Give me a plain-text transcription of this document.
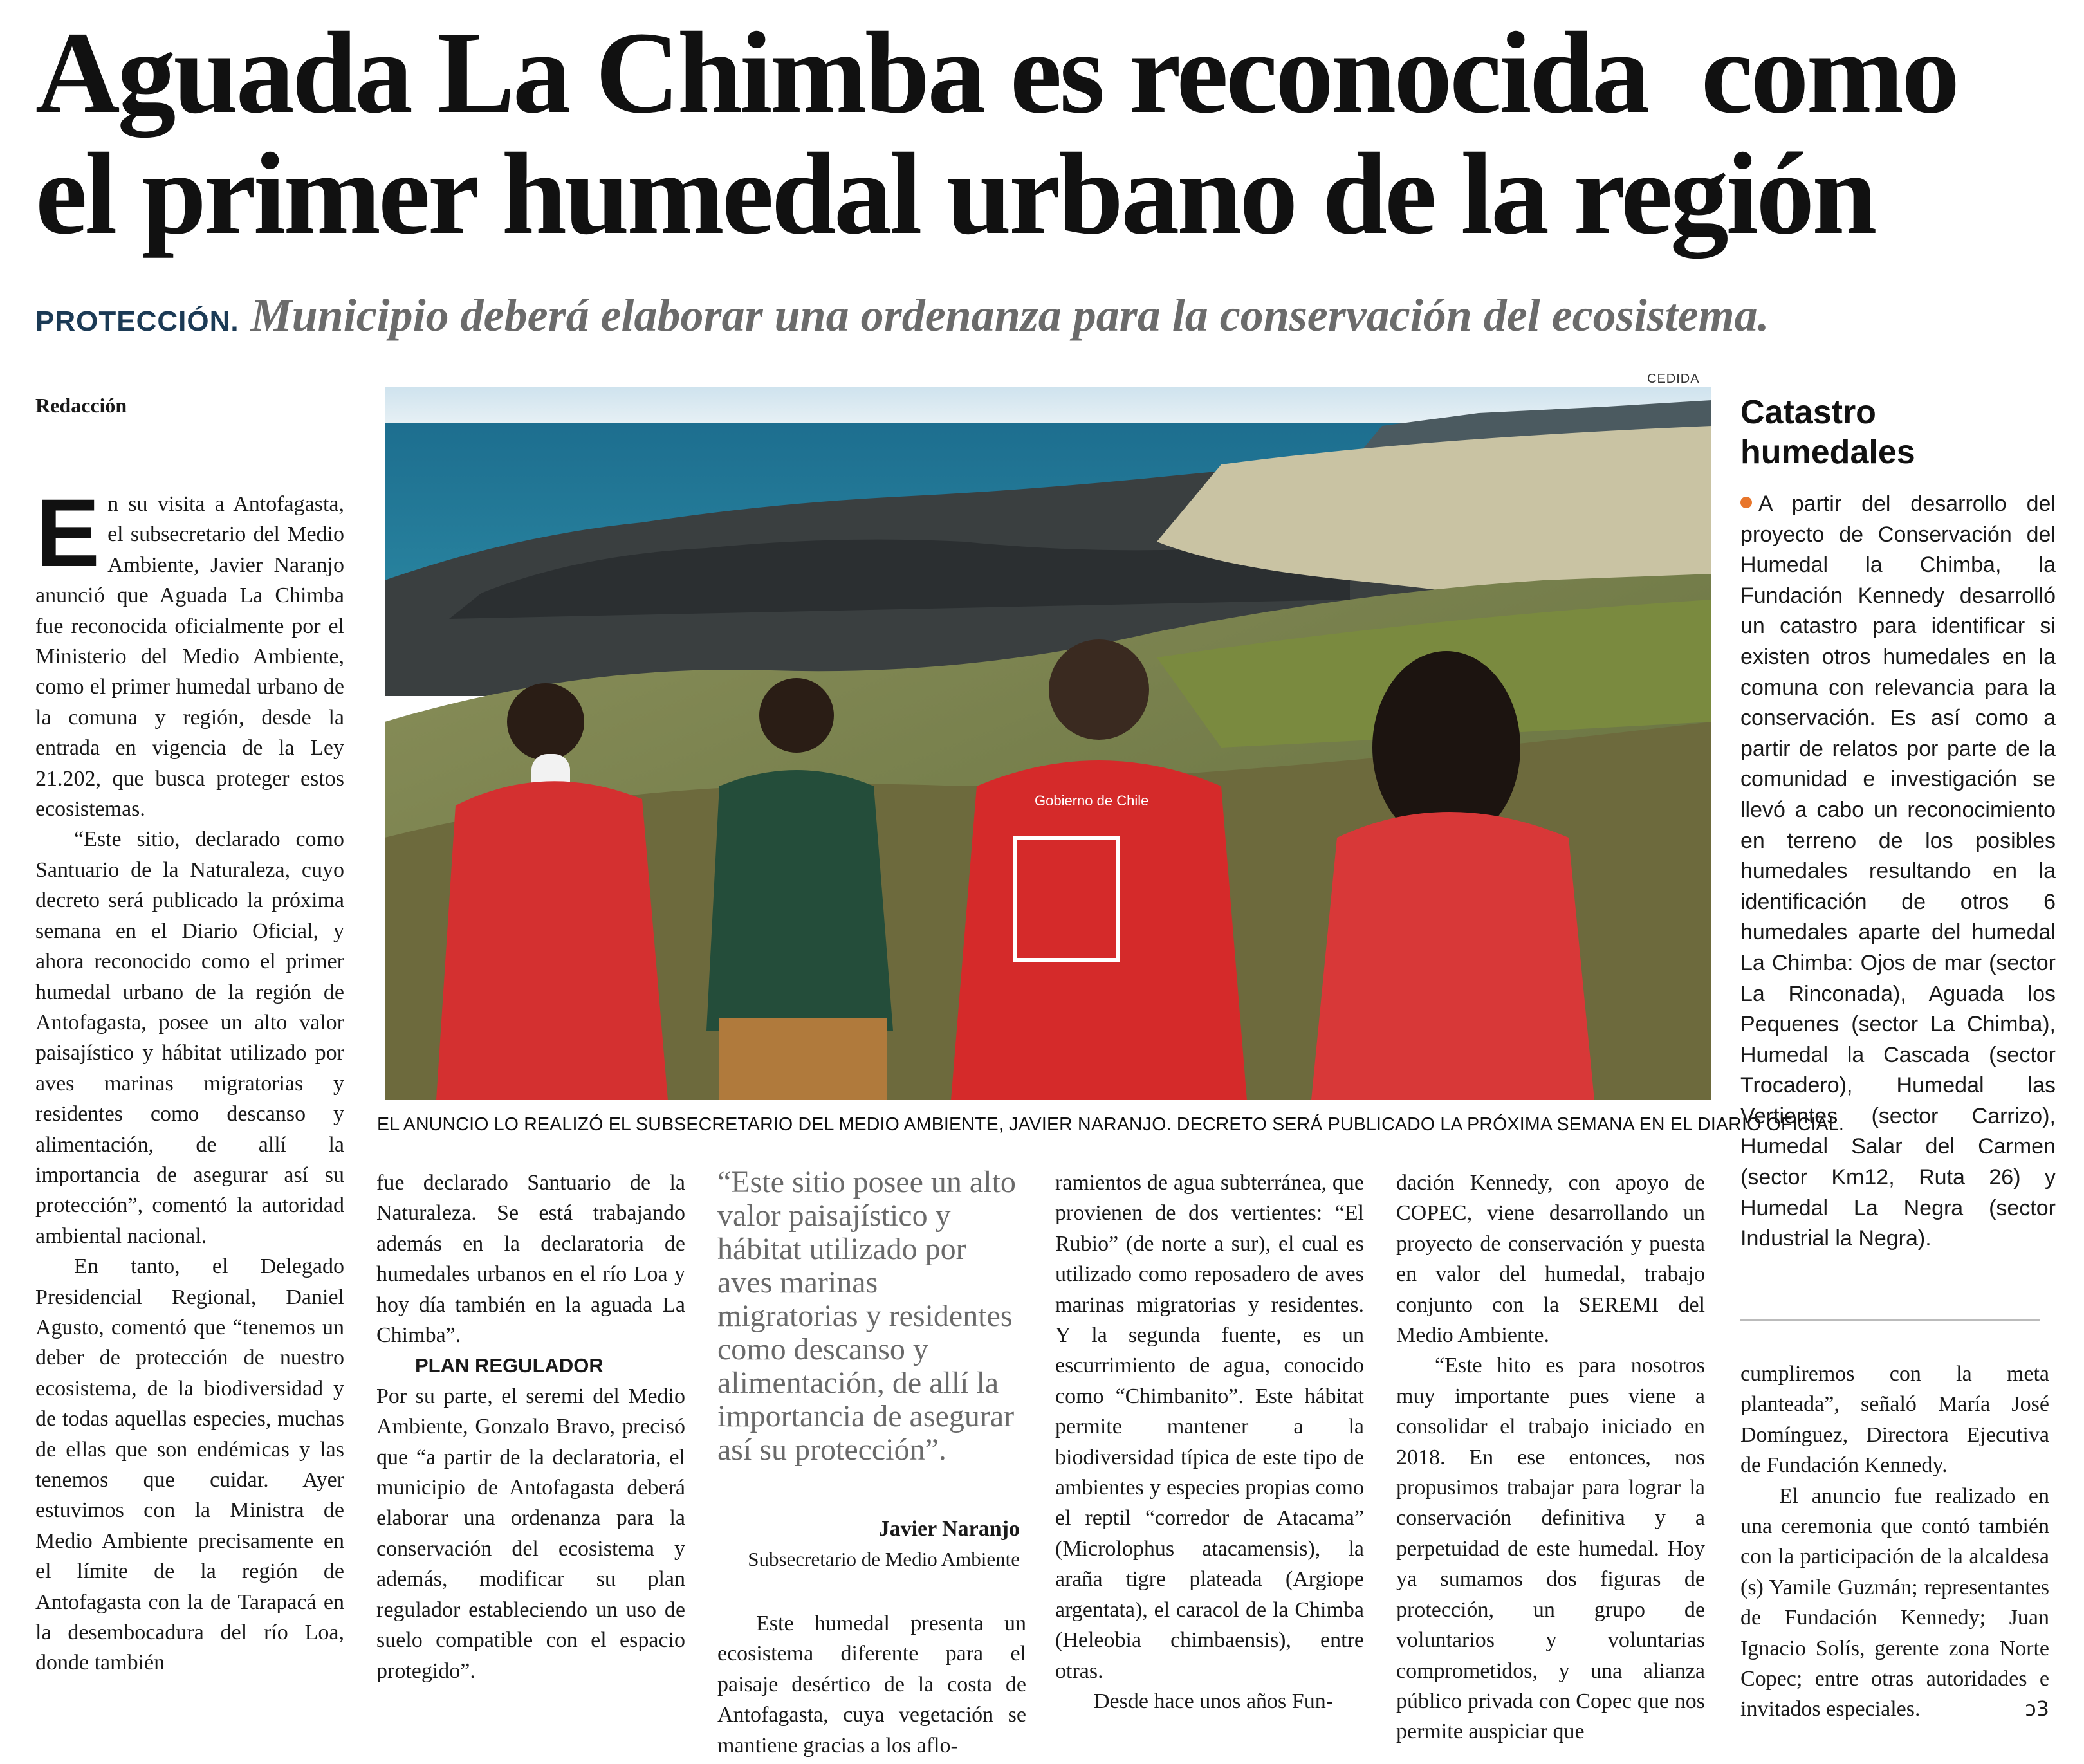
Aguada La Chimba es reconocida  como
el primer humedal urbano de la región
PROTECCIÓN. Municipio deberá elaborar una ordenanza para la conservación del ecosistema.
Redacción

En su visita a Antofagasta, el subsecretario del Medio Ambiente, Javier Naranjo anunció que Aguada La Chimba fue reconocida oficialmente por el Ministerio del Medio Ambiente, como el primer humedal urbano de la comuna y región, desde la entrada en vigencia de la Ley 21.202, que busca proteger estos ecosistemas.

“Este sitio, declarado como Santuario de la Naturaleza, cuyo decreto será publicado la próxima semana en el Diario Oficial, y ahora reconocido como el primer humedal urbano de la región de Antofagasta, posee un alto valor paisajístico y hábitat utilizado por aves marinas migratorias y residentes como descanso y alimentación, de allí la importancia de asegurar así su protección”, comentó la autoridad ambiental nacional.

En tanto, el Delegado Presidencial Regional, Daniel Agusto, comentó que “tenemos un deber de protección de nuestro ecosistema, de la biodiversidad y de todas aquellas especies, muchas de ellas que son endémicas y las tenemos que cuidar. Ayer estuvimos con la Ministra de Medio Ambiente precisamente en el límite de la región de Antofagasta con la de Tarapacá en la desembocadura del río Loa, donde también

CEDIDA
Gobierno de Chile
EL ANUNCIO LO REALIZÓ EL SUBSECRETARIO DEL MEDIO AMBIENTE, JAVIER NARANJO. DECRETO SERÁ PUBLICADO LA PRÓXIMA SEMANA EN EL DIARIO OFICIAL.

fue declarado Santuario de la Naturaleza. Se está trabajando además en la declaratoria de humedales urbanos en el río Loa y hoy día también en la aguada La Chimba”.

PLAN REGULADOR

Por su parte, el seremi del Medio Ambiente, Gonzalo Bravo, precisó que “a partir de la declaratoria, el municipio de Antofagasta deberá elaborar una ordenanza para la conservación del ecosistema y además, modificar su plan regulador estableciendo un uso de suelo compatible con el espacio protegido”.

“Este sitio posee un alto valor paisajístico y hábitat utilizado por aves marinas migratorias y residentes como descanso y alimentación, de allí la importancia de asegurar así su protección”.
Javier Naranjo
Subsecretario de Medio Ambiente

Este humedal presenta un ecosistema diferente para el paisaje desértico de la costa de Antofagasta, cuya vegetación se mantiene gracias a los aflo-

ramientos de agua subterránea, que provienen de dos vertientes: “El Rubio” (de norte a sur), el cual es utilizado como reposadero de aves marinas migratorias y residentes. Y la segunda fuente, es un escurrimiento de agua, conocido como “Chimbanito”. Este hábitat permite mantener a la biodiversidad típica de este tipo de ambientes y especies propias como el reptil “corredor de Atacama” (Microlophus atacamensis), la araña tigre plateada (Argiope argentata), el caracol de la Chimba (Heleobia chimbaensis), entre otras.

Desde hace unos años Fun-

dación Kennedy, con apoyo de COPEC, viene desarrollando un proyecto de conservación y puesta en valor del humedal, trabajo conjunto con la SEREMI del Medio Ambiente.

“Este hito es para nosotros muy importante pues viene a consolidar el trabajo iniciado en 2018. En ese entonces, nos propusimos trabajar para lograr la conservación definitiva y a perpetuidad de este humedal. Hoy ya sumamos dos figuras de protección, un grupo de voluntarios y voluntarias comprometidos, y una alianza público privada con Copec que nos permite auspiciar que

Catastro
humedales
A partir del desarrollo del proyecto de Conservación del Humedal la Chimba, la Fundación Kennedy desarrolló un catastro para identificar si existen otros humedales en la comuna con relevancia para la conservación. Es así como a partir de relatos por parte de la comunidad e investigación se llevó a cabo un reconocimiento en terreno de los posibles humedales resultando en la identificación de otros 6 humedales aparte del humedal La Chimba: Ojos de mar (sector La Rinconada), Aguada los Pequenes (sector La Chimba), Humedal la Cascada (sector Trocadero), Humedal las Vertientes (sector Carrizo), Humedal Salar del Carmen (sector Km12, Ruta 26) y Humedal La Negra (sector Industrial la Negra).

cumpliremos con la meta planteada”, señaló María José Domínguez, Directora Ejecutiva de Fundación Kennedy.

El anuncio fue realizado en una ceremonia que contó también con la participación de la alcaldesa (s) Yamile Guzmán; representantes de Fundación Kennedy; Juan Ignacio Solís, gerente zona Norte Copec; entre otras autoridades e invitados especiales.	ↄ3
